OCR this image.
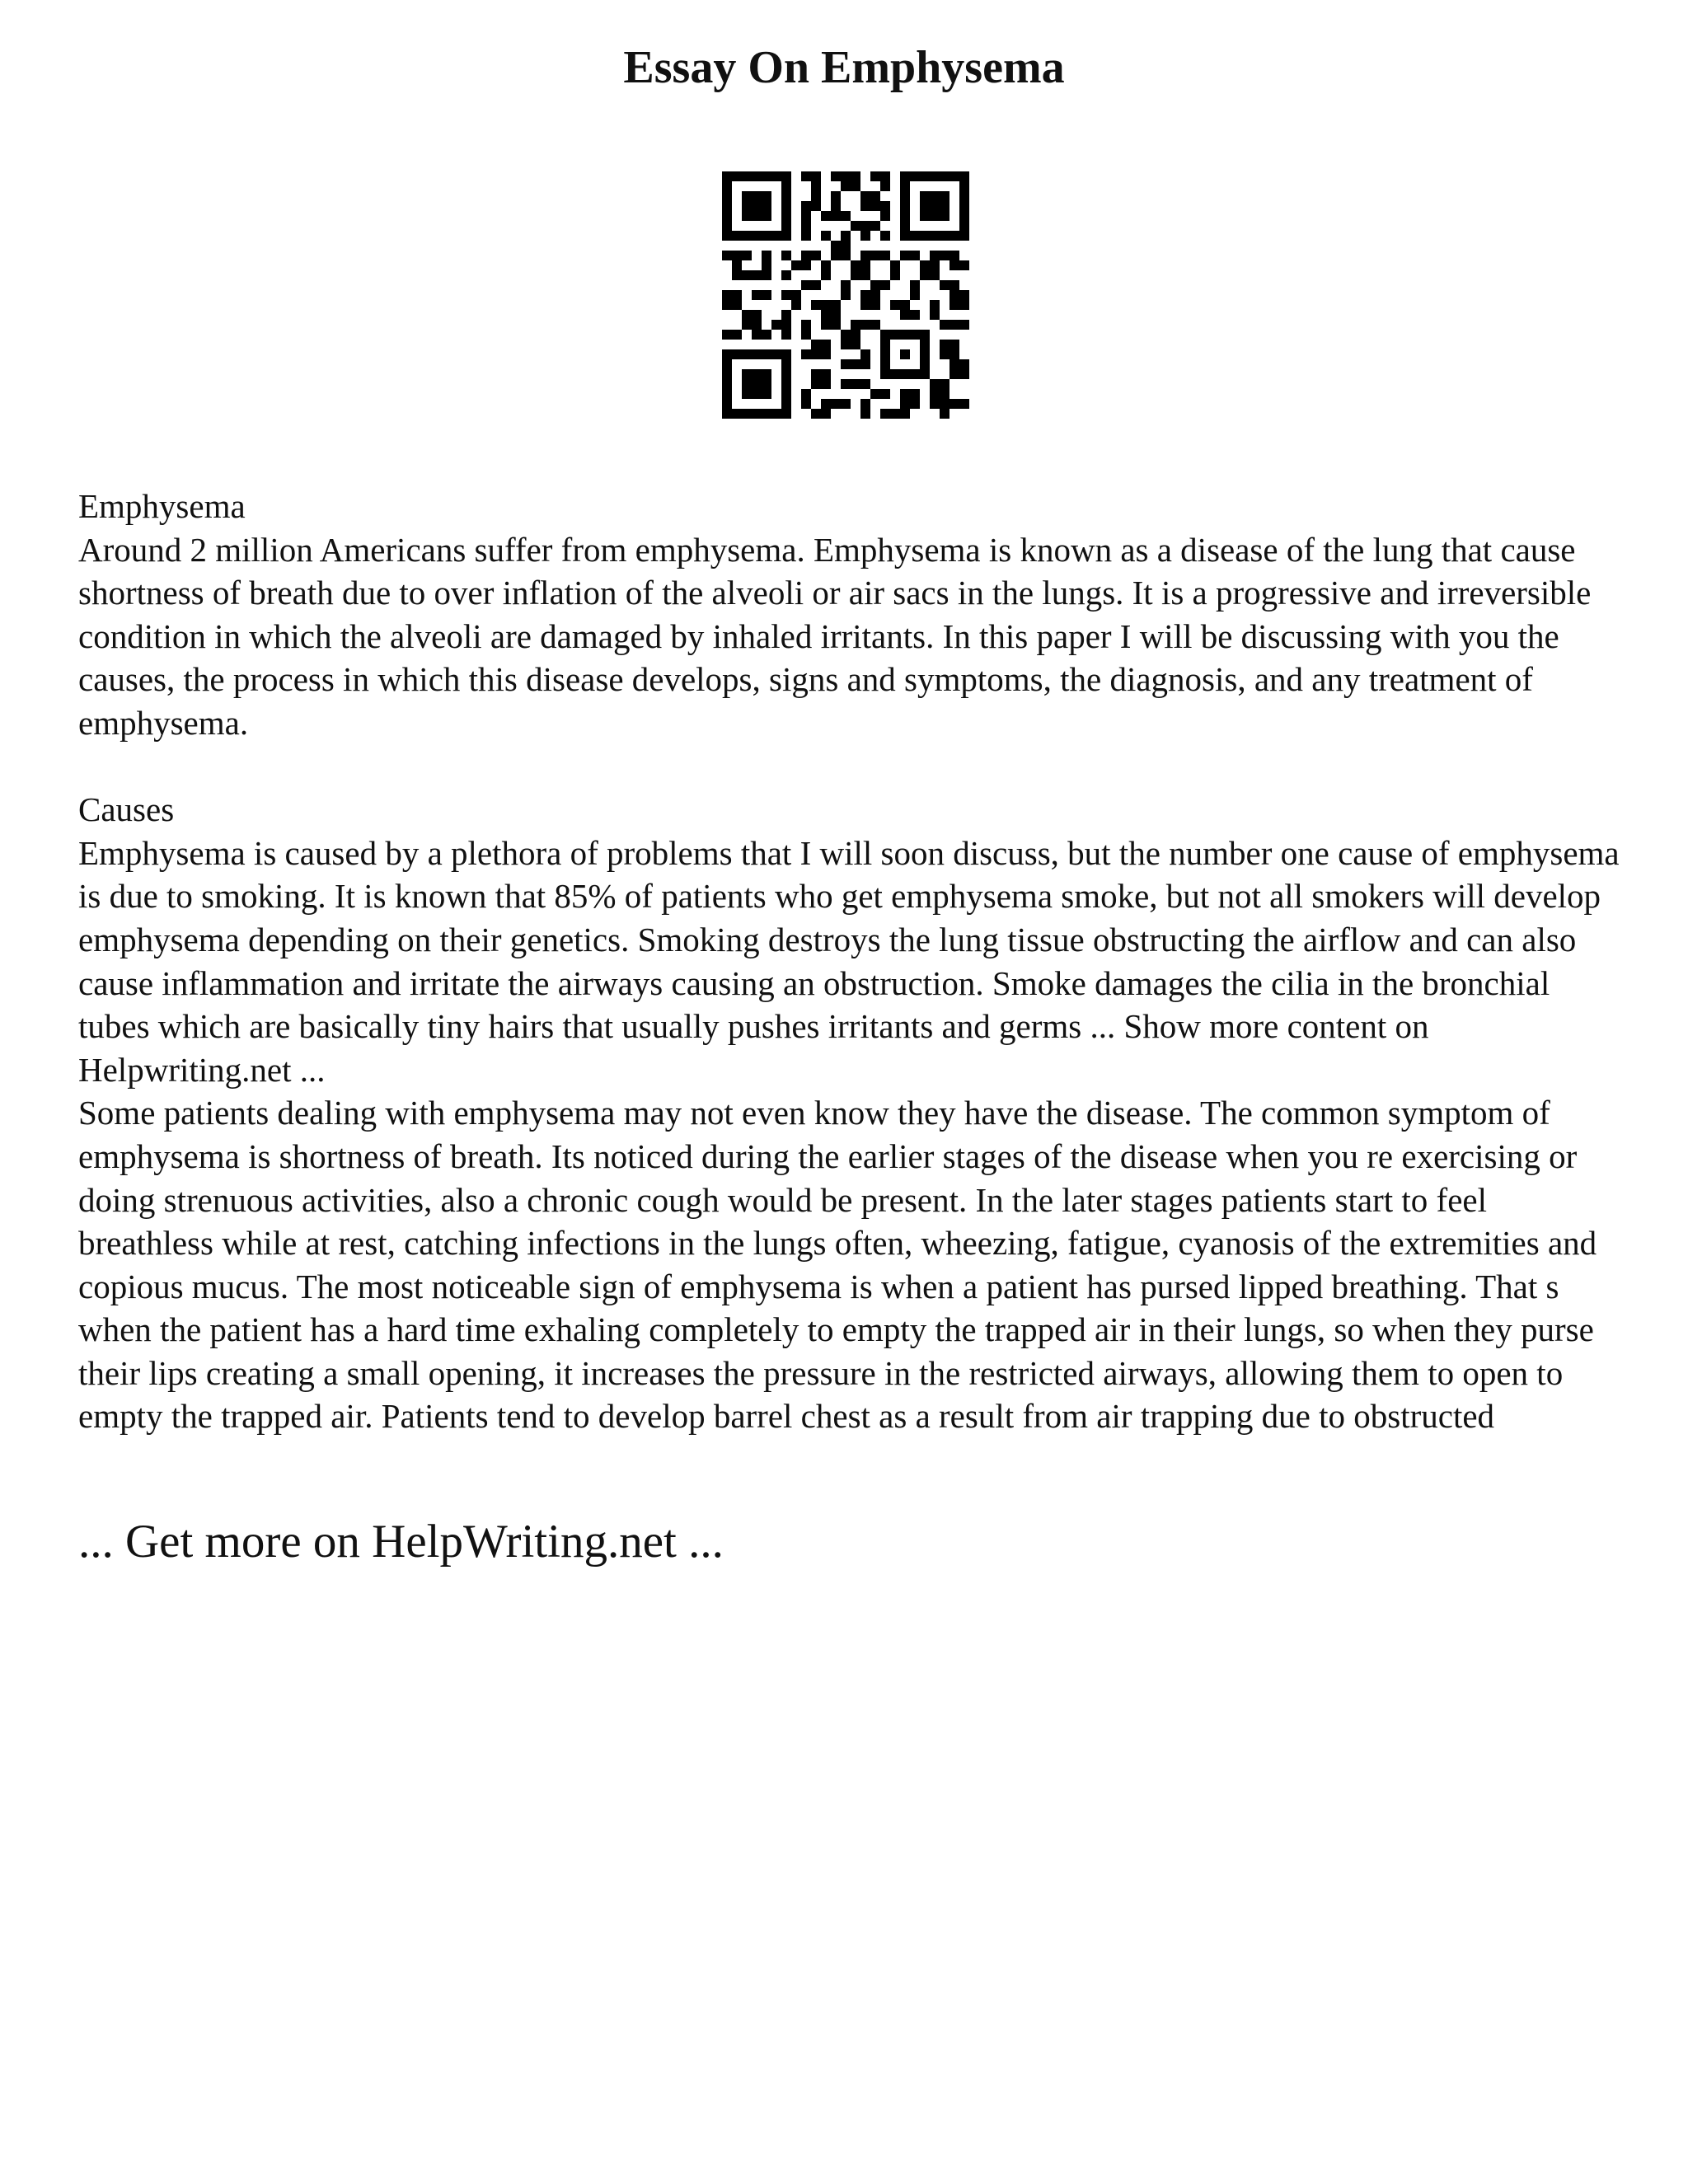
Essay On Emphysema

Emphysema

Around 2 million Americans suffer from emphysema. Emphysema is known as a disease of the lung that cause shortness of breath due to over inflation of the alveoli or air sacs in the lungs. It is a progressive and irreversible condition in which the alveoli are damaged by inhaled irritants. In this paper I will be discussing with you the causes, the process in which this disease develops, signs and symptoms, the diagnosis, and any treatment of emphysema.

Causes

Emphysema is caused by a plethora of problems that I will soon discuss, but the number one cause of emphysema is due to smoking. It is known that 85% of patients who get emphysema smoke, but not all smokers will develop emphysema depending on their genetics. Smoking destroys the lung tissue obstructing the airflow and can also cause inflammation and irritate the airways causing an obstruction. Smoke damages the cilia in the bronchial tubes which are basically tiny hairs that usually pushes irritants and germs ... Show more content on Helpwriting.net ...

Some patients dealing with emphysema may not even know they have the disease. The common symptom of emphysema is shortness of breath. Its noticed during the earlier stages of the disease when you re exercising or doing strenuous activities, also a chronic cough would be present. In the later stages patients start to feel breathless while at rest, catching infections in the lungs often, wheezing, fatigue, cyanosis of the extremities and copious mucus. The most noticeable sign of emphysema is when a patient has pursed lipped breathing. That s when the patient has a hard time exhaling completely to empty the trapped air in their lungs, so when they purse their lips creating a small opening, it increases the pressure in the restricted airways, allowing them to open to empty the trapped air. Patients tend to develop barrel chest as a result from air trapping due to obstructed

... Get more on HelpWriting.net ...
